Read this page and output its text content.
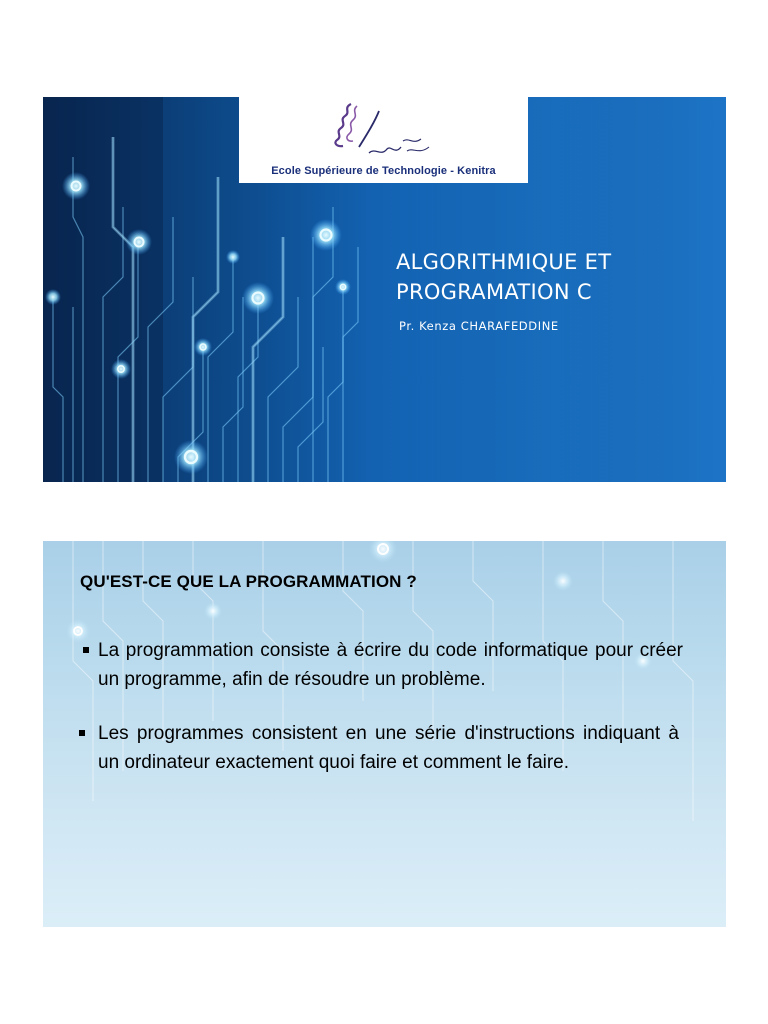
Ecole Supérieure de Technologie - Kenitra
ALGORITHMIQUE ET
PROGRAMATION C
Pr. Kenza CHARAFEDDINE
QU'EST-CE QUE LA PROGRAMMATION ?
La programmation consiste à écrire du code informatique pour créer un programme, afin de résoudre un problème.
Les programmes consistent en une série d'instructions indiquant à un ordinateur exactement quoi faire et comment le faire.
